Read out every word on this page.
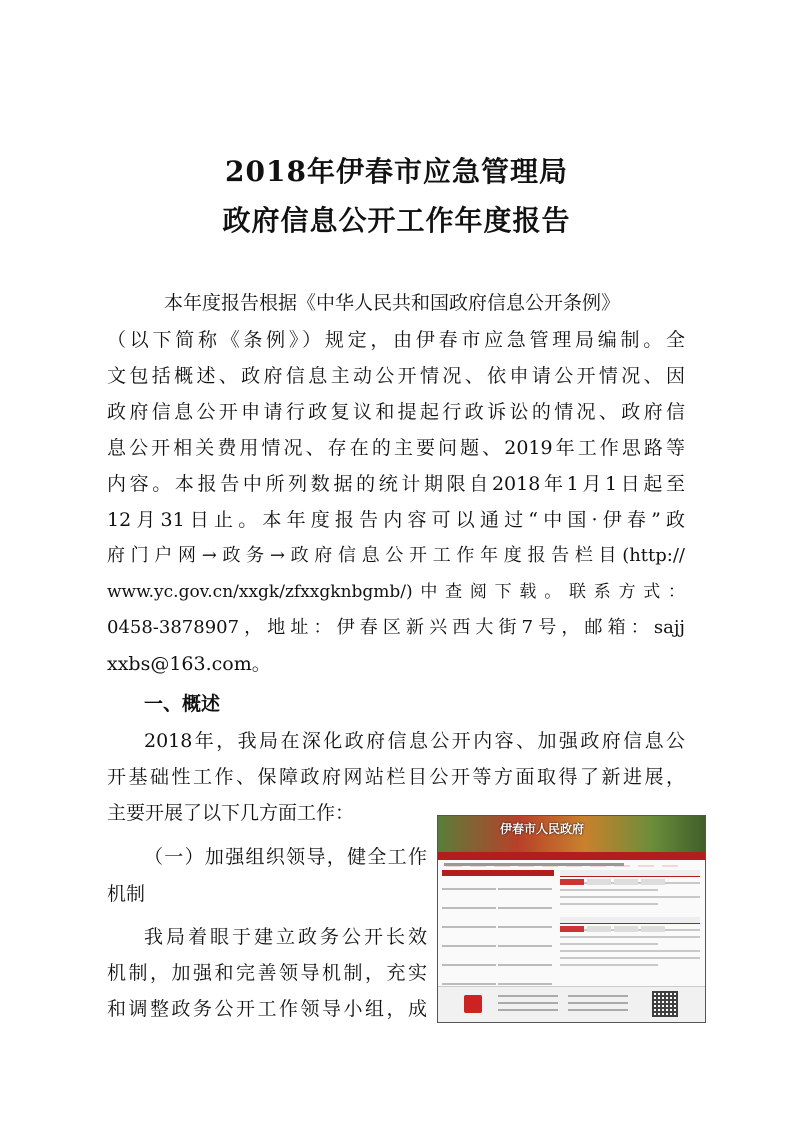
2018年伊春市应急管理局
政府信息公开工作年度报告
本年度报告根据《中华人民共和国政府信息公开条例》
（以下简称《条例》）规定，由伊春市应急管理局编制。全
文包括概述、政府信息主动公开情况、依申请公开情况、因
政府信息公开申请行政复议和提起行政诉讼的情况、政府信
息公开相关费用情况、存在的主要问题、2019年工作思路等
内容。本报告中所列数据的统计期限自2018年1月1日起至
12月31日止。本年度报告内容可以通过“中国·伊春”政
府门户网→政务→政府信息公开工作年度报告栏目(http://
www.yc.gov.cn/xxgk/zfxxgknbgmb/)中查阅下载。联系方式：
0458-3878907，地址：伊春区新兴西大街7号，邮箱：sajj
xxbs@163.com。
一、概述
2018年，我局在深化政府信息公开内容、加强政府信息公
开基础性工作、保障政府网站栏目公开等方面取得了新进展，
主要开展了以下几方面工作：
（一）加强组织领导，健全工作
机制
我局着眼于建立政务公开长效
机制，加强和完善领导机制，充实
和调整政务公开工作领导小组，成
伊春市人民政府
